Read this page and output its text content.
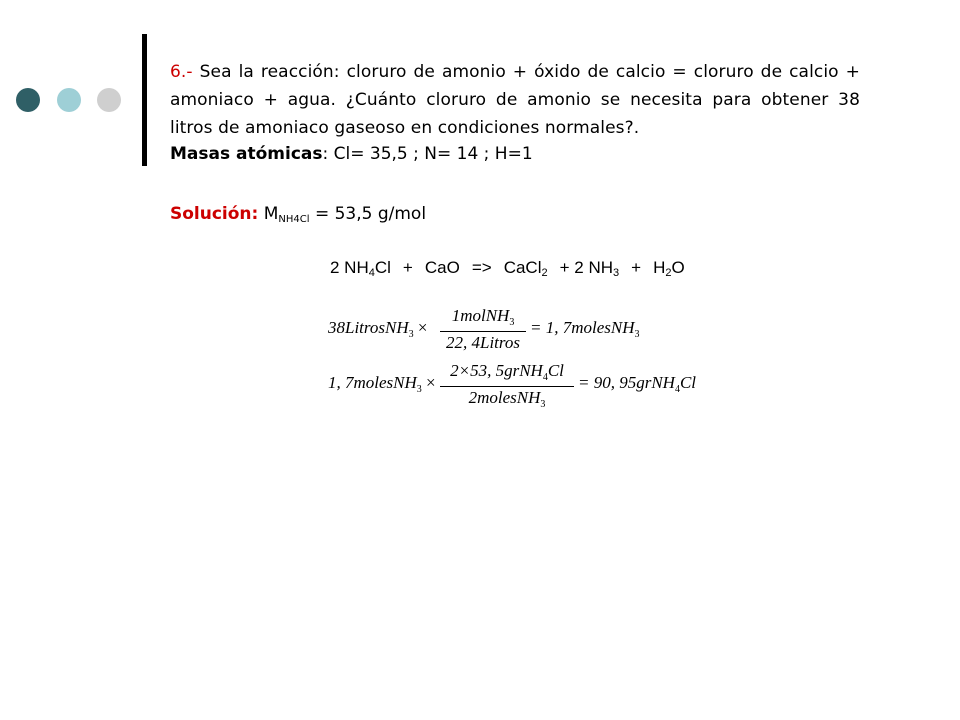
6.- Sea la reacción: cloruro de amonio + óxido de calcio = cloruro de calcio + amoniaco + agua. ¿Cuánto cloruro de amonio se necesita para obtener 38 litros de amoniaco gaseoso en condiciones normales?.
Masas atómicas: Cl= 35,5 ; N= 14 ; H=1
Solución: $M_{NH4Cl} = 53,5$ g/mol
2 $NH_4Cl$ + CaO => CaCl$_2$ + 2 $NH_3 + H_2O$
38LitrosNH$_3$ ×
1molNH$_3$
22, 4Litros
= 1, 7molesNH$_3$
1, 7molesNH$_3$ ×
2×53, 5grNH$_4$Cl
2molesNH$_3$
= 90, 95grNH$_4$Cl
